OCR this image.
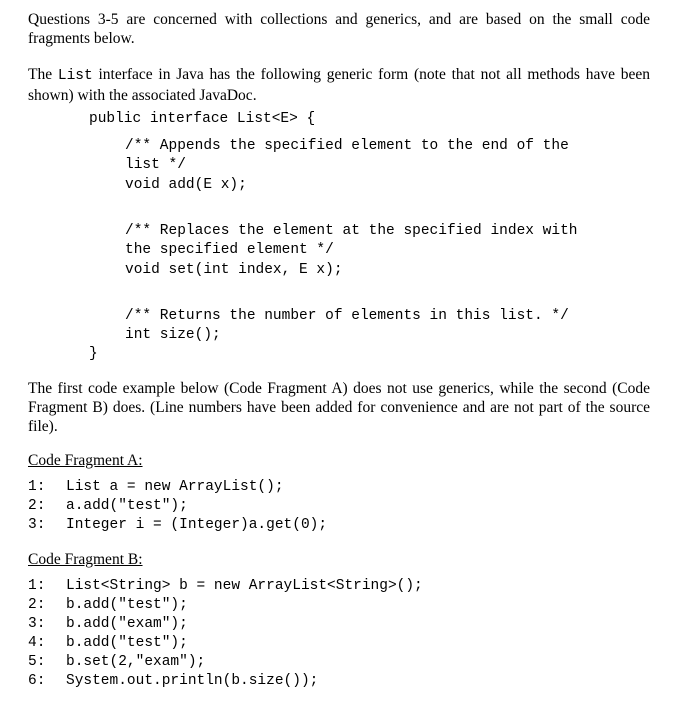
Questions 3-5 are concerned with collections and generics, and are based on the small code fragments below.
The List interface in Java has the following generic form (note that not all methods have been shown) with the associated JavaDoc.
public interface List<E> {
/** Appends the specified element to the end of the
list */
void add(E x);
/** Replaces the element at the specified index with
the specified element */
void set(int index, E x);
/** Returns the number of elements in this list. */
int size();
}
The first code example below (Code Fragment A) does not use generics, while the second (Code Fragment B) does. (Line numbers have been added for convenience and are not part of the source file).
Code Fragment A:
1: List a = new ArrayList();
2: a.add("test");
3: Integer i = (Integer)a.get(0);
Code Fragment B:
1: List<String> b = new ArrayList<String>();
2: b.add("test");
3: b.add("exam");
4: b.add("test");
5: b.set(2,"exam");
6: System.out.println(b.size());
